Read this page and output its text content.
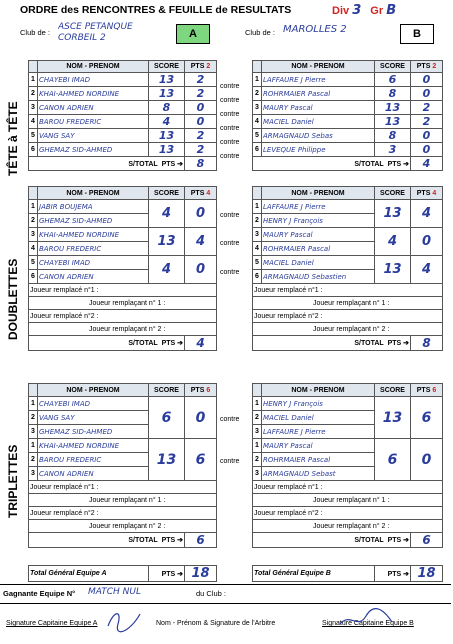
ORDRE des RENCONTRES & FEUILLE de RESULTATS	Div 3 Gr B
Club de :
ASCE PETANQUE CORBEIL 2	A	Club de : MAROLLES 2	B
TÊTE à TÊTE
DOUBLETTES
TRIPLETTES
	NOM - PRENOM	SCORE	PTS 2
1	CHAYEBI IMAD	13	2
2	KHAI-AHMED NORDINE	13	2
3	CANON ADRIEN	8	0
4	BAROU FREDERIC	4	0
5	VANG SAY	13	2
6	GHEMAZ SID-AHMED	13	2
S/TOTAL PTS ➔			8
contre
contre
contre
contre
contre
contre
	NOM - PRENOM	SCORE	PTS 2
1	LAFFAURE J Pierre	6	0
2	ROHRMAIER Pascal	8	0
3	MAURY Pascal	13	2
4	MACIEL Daniel	13	2
5	ARMAGNAUD Sebas	8	0
6	LEVEQUE Philippe	3	0
S/TOTAL PTS ➔			4
	NOM - PRENOM	SCORE	PTS 4
1	JABIR BOUJEMA	4	0
2	GHEMAZ SID-AHMED		
3	KHAI-AHMED NORDINE	13	4
4	BAROU FREDERIC		
5	CHAYEBI IMAD	4	0
6	CANON ADRIEN		
Joueur remplacé n°1 :			
Joueur remplaçant n° 1 :			
Joueur remplacé n°2 :			
Joueur remplaçant n° 2 :			
S/TOTAL PTS ➔			4
contre
contre
contre
	NOM - PRENOM	SCORE	PTS 4
1	LAFFAURE J Pierre	13	4
2	HENRY J François		
3	MAURY Pascal	4	0
4	ROHRMAIER Pascal		
5	MACIEL Daniel	13	4
6	ARMAGNAUD Sebastien		
Joueur remplacé n°1 :			
Joueur remplaçant n° 1 :			
Joueur remplacé n°2 :			
Joueur remplaçant n° 2 :			
S/TOTAL PTS ➔			8
	NOM - PRENOM	SCORE	PTS 6
1	CHAYEBI IMAD	6	0
2	VANG SAY		
3	GHEMAZ SID-AHMED		
1	KHAI-AHMED NORDINE	13	6
2	BAROU FREDERIC		
3	CANON ADRIEN		
Joueur remplacé n°1 :			
Joueur remplaçant n° 1 :			
Joueur remplacé n°2 :			
Joueur remplaçant n° 2 :			
S/TOTAL PTS ➔			6
contre
contre
	NOM - PRENOM	SCORE	PTS 6
1	HENRY J François	13	6
2	MACIEL Daniel		
3	LAFFAURE J Pierre		
1	MAURY Pascal	6	0
2	ROHRMAIER Pascal		
3	ARMAGNAUD Sebast		
Joueur remplacé n°1 :			
Joueur remplaçant n° 1 :			
Joueur remplacé n°2 :			
Joueur remplaçant n° 2 :			
S/TOTAL PTS ➔			6
Total Général Equipe A	PTS ➔	18	Total Général Equipe B	PTS ➔	18
Gagnante Equipe N° MATCH NUL	du Club :
Signature Capitaine Equipe A	Nom - Prénom & Signature de l'Arbitre	Signature Capitaine Equipe B
